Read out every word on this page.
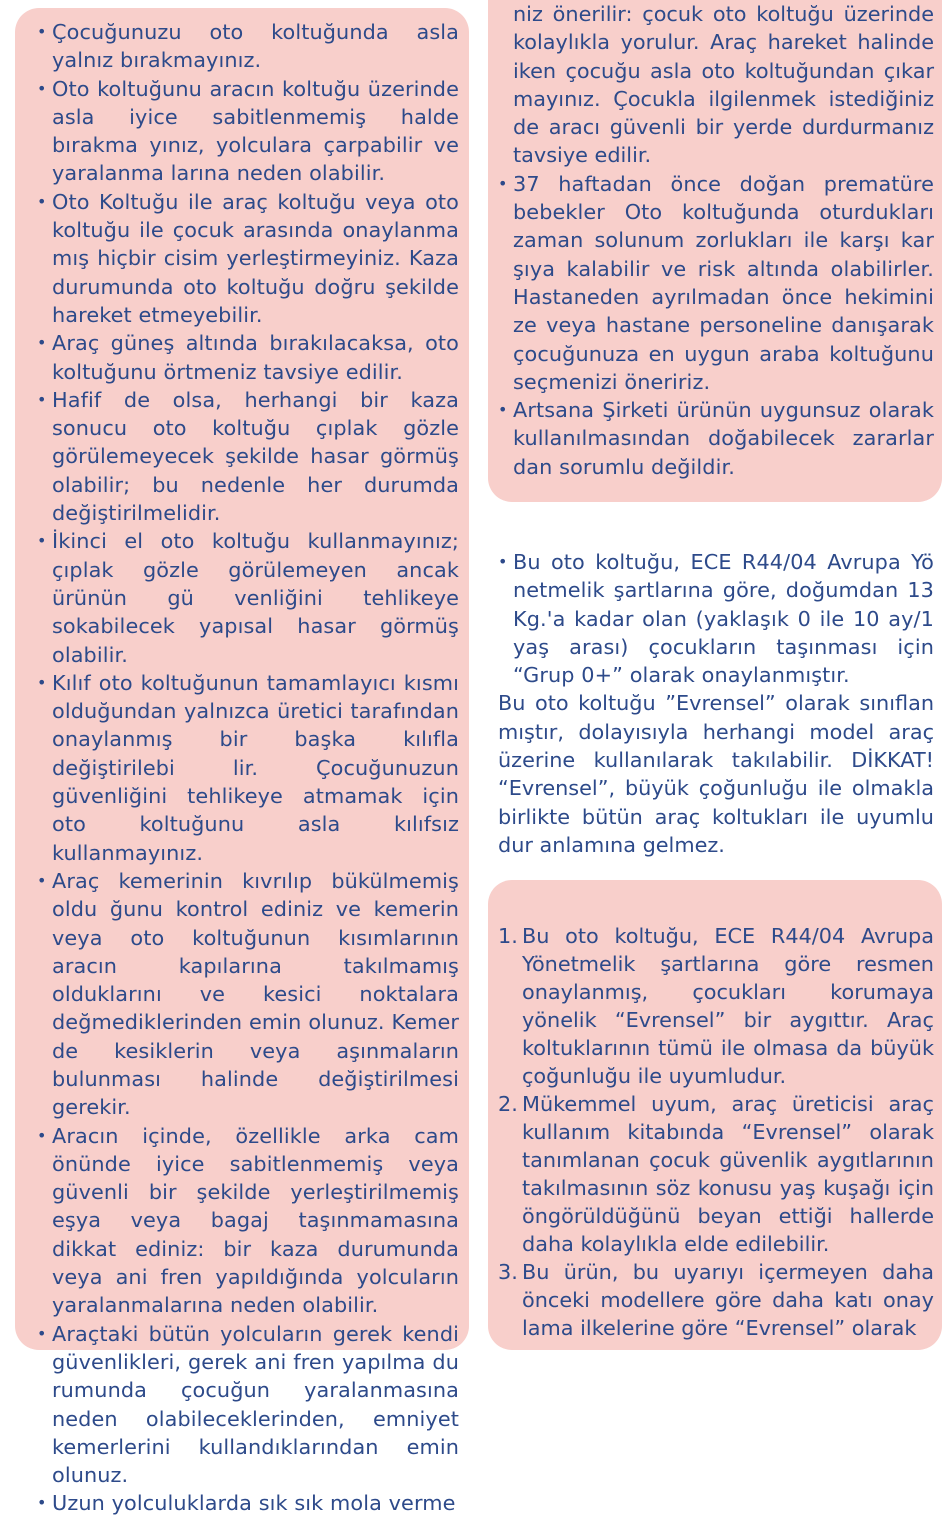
• Çocuğunuzu oto koltuğunda asla yalnız bırakmayınız.
• Oto koltuğunu aracın koltuğu üzerinde asla iyice sabitlenmemiş halde bırakma yınız, yolculara çarpabilir ve yaralanma larına neden olabilir.
• Oto Koltuğu ile araç koltuğu veya oto koltuğu ile çocuk arasında onaylanma mış hiçbir cisim yerleştirmeyiniz. Kaza durumunda oto koltuğu doğru şekilde hareket etmeyebilir.
• Araç güneş altında bırakılacaksa, oto koltuğunu örtmeniz tavsiye edilir.
• Hafif de olsa, herhangi bir kaza sonucu oto koltuğu çıplak gözle görülemeyecek şekilde hasar görmüş olabilir; bu nedenle her durumda değiştirilmelidir.
• İkinci el oto koltuğu kullanmayınız; çıplak gözle görülemeyen ancak ürünün gü venliğini tehlikeye sokabilecek yapısal hasar görmüş olabilir.
• Kılıf oto koltuğunun tamamlayıcı kısmı olduğundan yalnızca üretici tarafından onaylanmış bir başka kılıfla değiştirilebi lir. Çocuğunuzun güvenliğini tehlikeye atmamak için oto koltuğunu asla kılıfsız kullanmayınız.
• Araç kemerinin kıvrılıp bükülmemiş oldu ğunu kontrol ediniz ve kemerin veya oto koltuğunun kısımlarının aracın kapılarına takılmamış olduklarını ve kesici noktalara değmediklerinden emin olunuz. Kemer de kesiklerin veya aşınmaların bulunması halinde değiştirilmesi gerekir.
• Aracın içinde, özellikle arka cam önünde iyice sabitlenmemiş veya güvenli bir şekilde yerleştirilmemiş eşya veya bagaj taşınmamasına dikkat ediniz: bir kaza durumunda veya ani fren yapıldığında yolcuların yaralanmalarına neden olabilir.
• Araçtaki bütün yolcuların gerek kendi güvenlikleri, gerek ani fren yapılma du rumunda çocuğun yaralanmasına neden olabileceklerinden, emniyet kemerlerini kullandıklarından emin olunuz.
• Uzun yolculuklarda sık sık mola verme

niz önerilir: çocuk oto koltuğu üzerinde kolaylıkla yorulur. Araç hareket halinde iken çocuğu asla oto koltuğundan çıkar mayınız. Çocukla ilgilenmek istediğiniz de aracı güvenli bir yerde durdurmanız tavsiye edilir.

• 37 haftadan önce doğan prematüre bebekler Oto koltuğunda oturdukları zaman solunum zorlukları ile karşı kar şıya kalabilir ve risk altında olabilirler. Hastaneden ayrılmadan önce hekimini ze veya hastane personeline danışarak çocuğunuza en uygun araba koltuğunu seçmenizi öneririz.
• Artsana Şirketi ürünün uygunsuz olarak kullanılmasından doğabilecek zararlar dan sorumlu değildir.
• Bu oto koltuğu, ECE R44/04 Avrupa Yö netmelik şartlarına göre, doğumdan 13 Kg.'a kadar olan (yaklaşık 0 ile 10 ay/1 yaş arası) çocukların taşınması için “Grup 0+” olarak onaylanmıştır.

Bu oto koltuğu ”Evrensel” olarak sınıflan mıştır, dolayısıyla herhangi model araç üzerine kullanılarak takılabilir. DİKKAT! “Evrensel”, büyük çoğunluğu ile olmakla birlikte bütün araç koltukları ile uyumlu dur anlamına gelmez.

1. Bu oto koltuğu, ECE R44/04 Avrupa Yönetmelik şartlarına göre resmen onaylanmış, çocukları korumaya yönelik “Evrensel” bir aygıttır. Araç koltuklarının tümü ile olmasa da büyük çoğunluğu ile uyumludur.
2. Mükemmel uyum, araç üreticisi araç kullanım kitabında “Evrensel” olarak tanımlanan çocuk güvenlik aygıtlarının takılmasının söz konusu yaş kuşağı için öngörüldüğünü beyan ettiği hallerde daha kolaylıkla elde edilebilir.
3. Bu ürün, bu uyarıyı içermeyen daha önceki modellere göre daha katı onay lama ilkelerine göre “Evrensel” olarak
